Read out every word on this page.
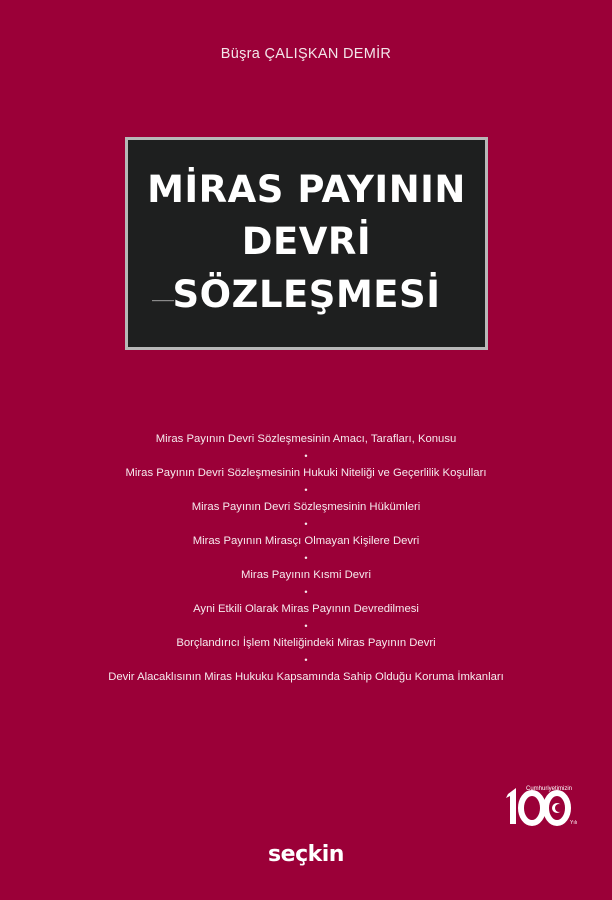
Büşra ÇALIŞKAN DEMİR
MİRAS PAYININ
DEVRİ
SÖZLEŞMESİ
Miras Payının Devri Sözleşmesinin Amacı, Tarafları, Konusu
•
Miras Payının Devri Sözleşmesinin Hukuki Niteliği ve Geçerlilik Koşulları
•
Miras Payının Devri Sözleşmesinin Hükümleri
•
Miras Payının Mirasçı Olmayan Kişilere Devri
•
Miras Payının Kısmi Devri
•
Ayni Etkili Olarak Miras Payının Devredilmesi
•
Borçlandırıcı İşlem Niteliğindeki Miras Payının Devri
•
Devir Alacaklısının Miras Hukuku Kapsamında Sahip Olduğu Koruma İmkanları
Cumhuriyetimizin
Yılı
seçkin
